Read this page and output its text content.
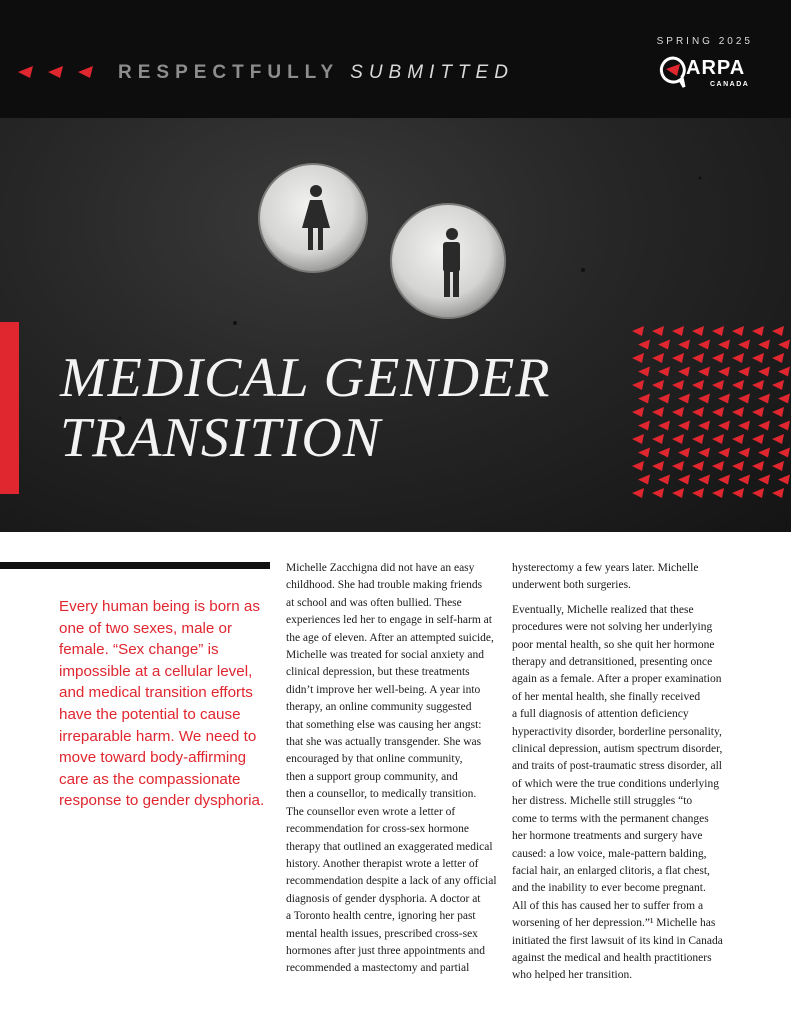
RESPECTFULLY SUBMITTED
SPRING 2025
ARPA
CANADA
MEDICAL GENDER
TRANSITION
Every human being is born as one of two sexes, male or female. “Sex change” is impossible at a cellular level, and medical transition efforts have the potential to cause irreparable harm. We need to move toward body-affirming care as the compassionate response to gender dysphoria.

Michelle Zacchigna did not have an easy
childhood. She had trouble making friends
at school and was often bullied. These
experiences led her to engage in self-harm at
the age of eleven. After an attempted suicide,
Michelle was treated for social anxiety and
clinical depression, but these treatments
didn’t improve her well-being. A year into
therapy, an online community suggested
that something else was causing her angst:
that she was actually transgender. She was
encouraged by that online community,
then a support group community, and
then a counsellor, to medically transition.
The counsellor even wrote a letter of
recommendation for cross-sex hormone
therapy that outlined an exaggerated medical
history. Another therapist wrote a letter of
recommendation despite a lack of any official
diagnosis of gender dysphoria. A doctor at
a Toronto health centre, ignoring her past
mental health issues, prescribed cross-sex
hormones after just three appointments and
recommended a mastectomy and partial

hysterectomy a few years later. Michelle
underwent both surgeries.

Eventually, Michelle realized that these
procedures were not solving her underlying
poor mental health, so she quit her hormone
therapy and detransitioned, presenting once
again as a female. After a proper examination
of her mental health, she finally received
a full diagnosis of attention deficiency
hyperactivity disorder, borderline personality,
clinical depression, autism spectrum disorder,
and traits of post-traumatic stress disorder, all
of which were the true conditions underlying
her distress. Michelle still struggles “to
come to terms with the permanent changes
her hormone treatments and surgery have
caused: a low voice, male-pattern balding,
facial hair, an enlarged clitoris, a flat chest,
and the inability to ever become pregnant.
All of this has caused her to suffer from a
worsening of her depression.”¹ Michelle has
initiated the first lawsuit of its kind in Canada
against the medical and health practitioners
who helped her transition.
